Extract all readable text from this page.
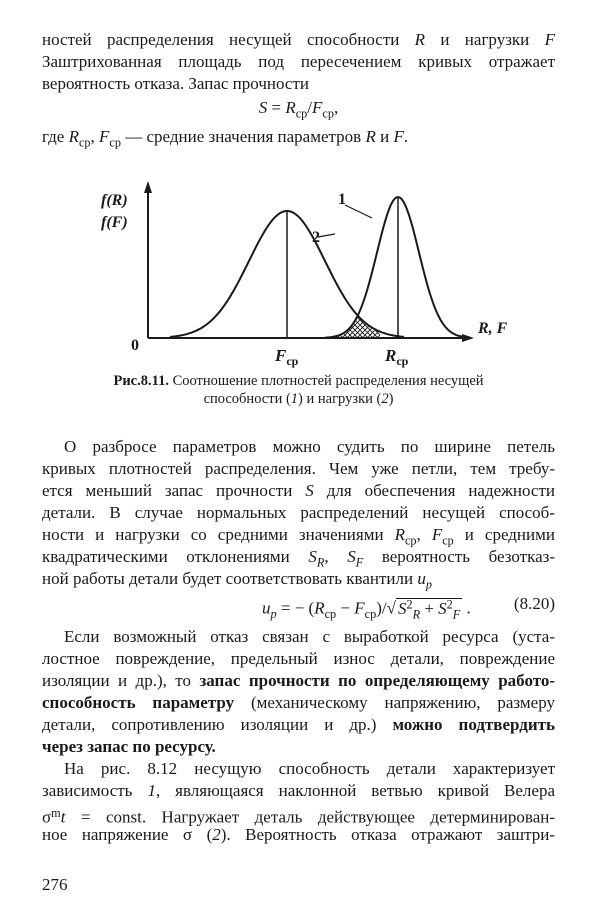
ностей распределения несущей способности R и нагрузки F
Заштрихованная площадь под пересечением кривых отражает
вероятность отказа. Запас прочности
$S = R_{ср}/F_{ср}$,
где $R_{ср}$, $F_{ср}$ — средние значения параметров R и F.
f(R)
f(F)
0
R, F
1
2
$F_{ср}$	$R_{ср}$
Рис.8.11. Соотношение плотностей распределения несущей
способности (1) и нагрузки (2)
О разбросе параметров можно судить по ширине петель
кривых плотностей распределения. Чем уже петли, тем требу-
ется меньший запас прочности S для обеспечения надежности
детали. В случае нормальных распределений несущей способ-
ности и нагрузки со средними значениями $R_{ср}$, $F_{ср}$ и средними
квадратическими отклонениями $S_R$, $S_F$ вероятность безотказ-
ной работы детали будет соответствовать квантили $u_p$
$u_p$ = − $(R_{ср} - F_{ср})/√$ $S^2_R + S^2_F$ .	(8.20)
Если возможный отказ связан с выработкой ресурса (уста-
лостное повреждение, предельный износ детали, повреждение
изоляции и др.), то запас прочности по определяющему работо-
способность параметру (механическому напряжению, размеру
детали, сопротивлению изоляции и др.) можно подтвердить
через запас по ресурсу.
На рис. 8.12 несущую способность детали характеризует
зависимость 1, являющаяся наклонной ветвью кривой Велера
$\sigma^mt$ = const. Нагружает деталь действующее детерминирован-
ное напряжение σ (2). Вероятность отказа отражают заштри-
276
